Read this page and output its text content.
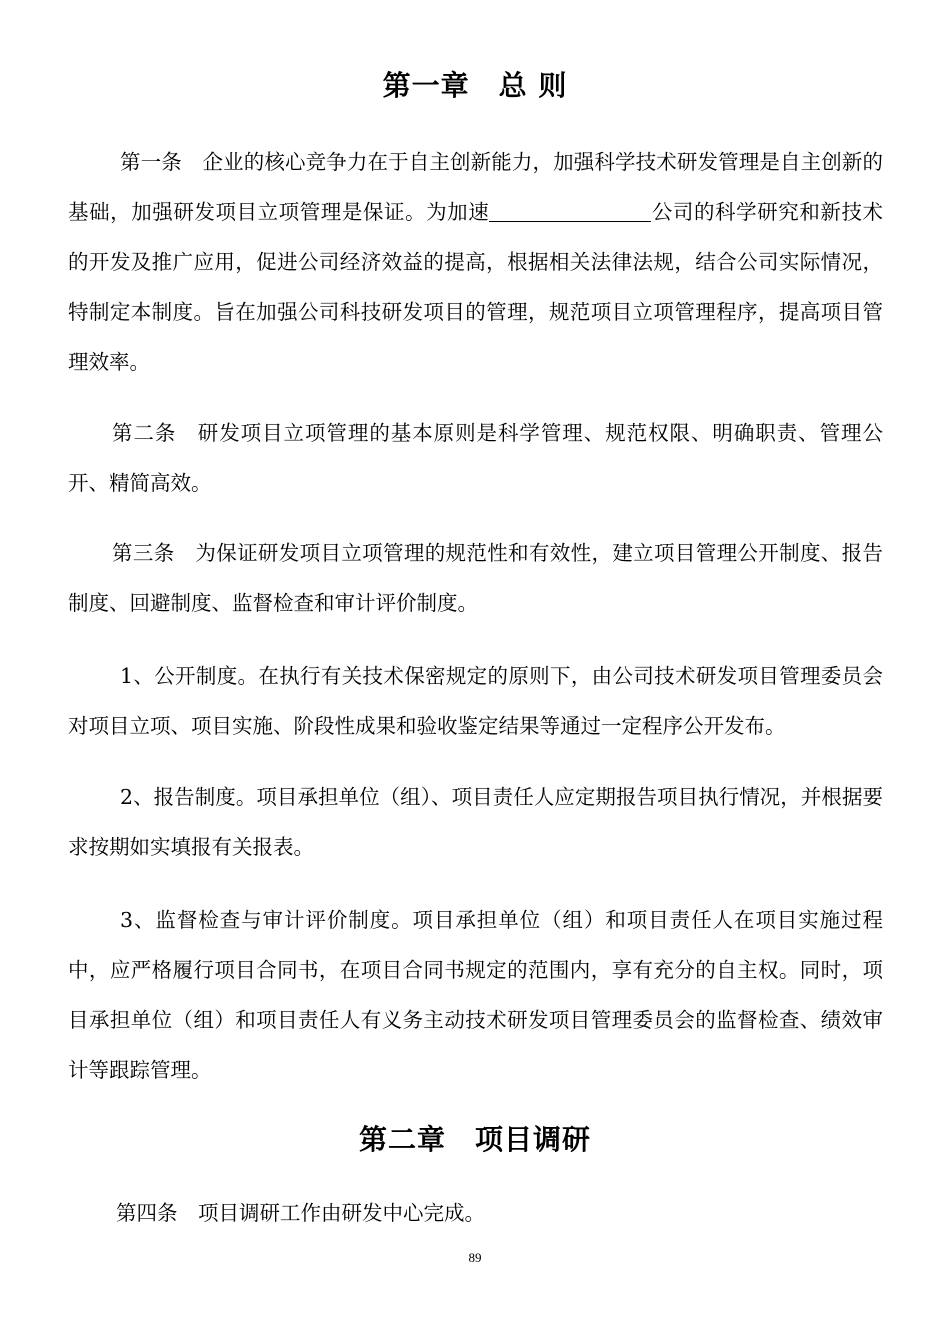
第一章　总 则
第一条　企业的核心竞争力在于自主创新能力，加强科学技术研发管理是自主创新的基础，加强研发项目立项管理是保证。为加速	公司的科学研究和新技术的开发及推广应用，促进公司经济效益的提高，根据相关法律法规，结合公司实际情况，特制定本制度。旨在加强公司科技研发项目的管理，规范项目立项管理程序，提高项目管理效率。
第二条　研发项目立项管理的基本原则是科学管理、规范权限、明确职责、管理公开、精简高效。
第三条　为保证研发项目立项管理的规范性和有效性，建立项目管理公开制度、报告制度、回避制度、监督检查和审计评价制度。
1、公开制度。在执行有关技术保密规定的原则下，由公司技术研发项目管理委员会对项目立项、项目实施、阶段性成果和验收鉴定结果等通过一定程序公开发布。
2、报告制度。项目承担单位（组）、项目责任人应定期报告项目执行情况，并根据要求按期如实填报有关报表。
3、监督检查与审计评价制度。项目承担单位（组）和项目责任人在项目实施过程中，应严格履行项目合同书，在项目合同书规定的范围内，享有充分的自主权。同时，项目承担单位（组）和项目责任人有义务主动技术研发项目管理委员会的监督检查、绩效审计等跟踪管理。
第二章　项目调研
第四条　项目调研工作由研发中心完成。
89
